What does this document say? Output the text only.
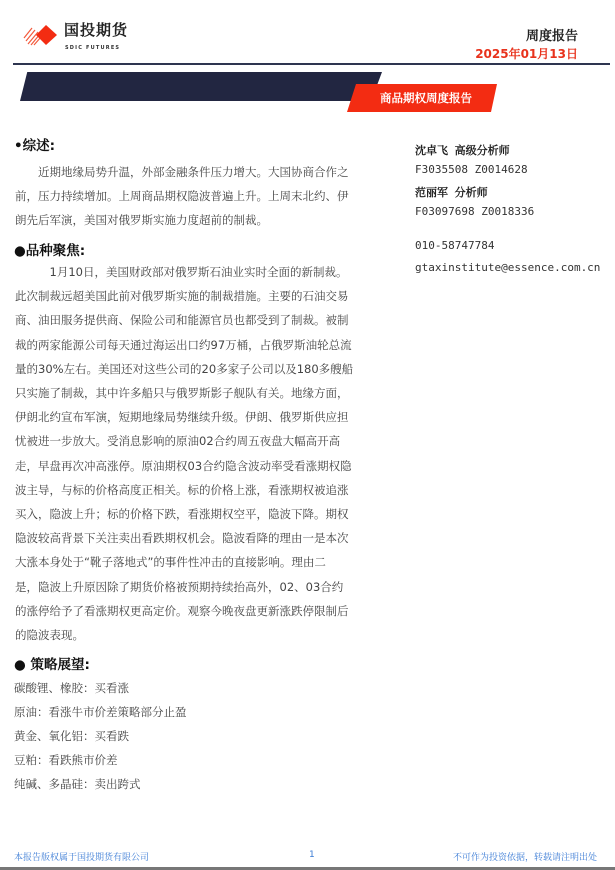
国投期货
SDIC FUTURES
周度报告
2025年01月13日
商品期权周度报告
•综述:
　　近期地缘局势升温，外部金融条件压力增大。大国协商合作之
前，压力持续增加。上周商品期权隐波普遍上升。上周末北约、伊
朗先后军演，美国对俄罗斯实施力度超前的制裁。
●品种聚焦:
　　　1月10日，美国财政部对俄罗斯石油业实时全面的新制裁。
此次制裁远超美国此前对俄罗斯实施的制裁措施。主要的石油交易
商、油田服务提供商、保险公司和能源官员也都受到了制裁。被制
裁的两家能源公司每天通过海运出口约97万桶，占俄罗斯油轮总流
量的30%左右。美国还对这些公司的20多家子公司以及180多艘船
只实施了制裁，其中许多船只与俄罗斯影子舰队有关。地缘方面，
伊朗北约宣布军演，短期地缘局势继续升级。伊朗、俄罗斯供应担
忧被进一步放大。受消息影响的原油02合约周五夜盘大幅高开高
走，早盘再次冲高涨停。原油期权03合约隐含波动率受看涨期权隐
波主导，与标的价格高度正相关。标的价格上涨，看涨期权被追涨
买入，隐波上升；标的价格下跌，看涨期权空平，隐波下降。期权
隐波较高背景下关注卖出看跌期权机会。隐波看降的理由一是本次
大涨本身处于“靴子落地式”的事件性冲击的直接影响。理由二
是，隐波上升原因除了期货价格被预期持续抬高外，02、03合约
的涨停给予了看涨期权更高定价。观察今晚夜盘更新涨跌停限制后
的隐波表现。
● 策略展望:
碳酸锂、橡胶：买看涨
原油：看涨牛市价差策略部分止盈
黄金、氧化铝：买看跌
豆粕：看跌熊市价差
纯碱、多晶硅：卖出跨式
沈卓飞 高级分析师
F3035508 Z0014628
范丽军 分析师
F03097698 Z0018336
010-58747784
gtaxinstitute@essence.com.cn
本报告版权属于国投期货有限公司	1	不可作为投资依据，转载请注明出处
